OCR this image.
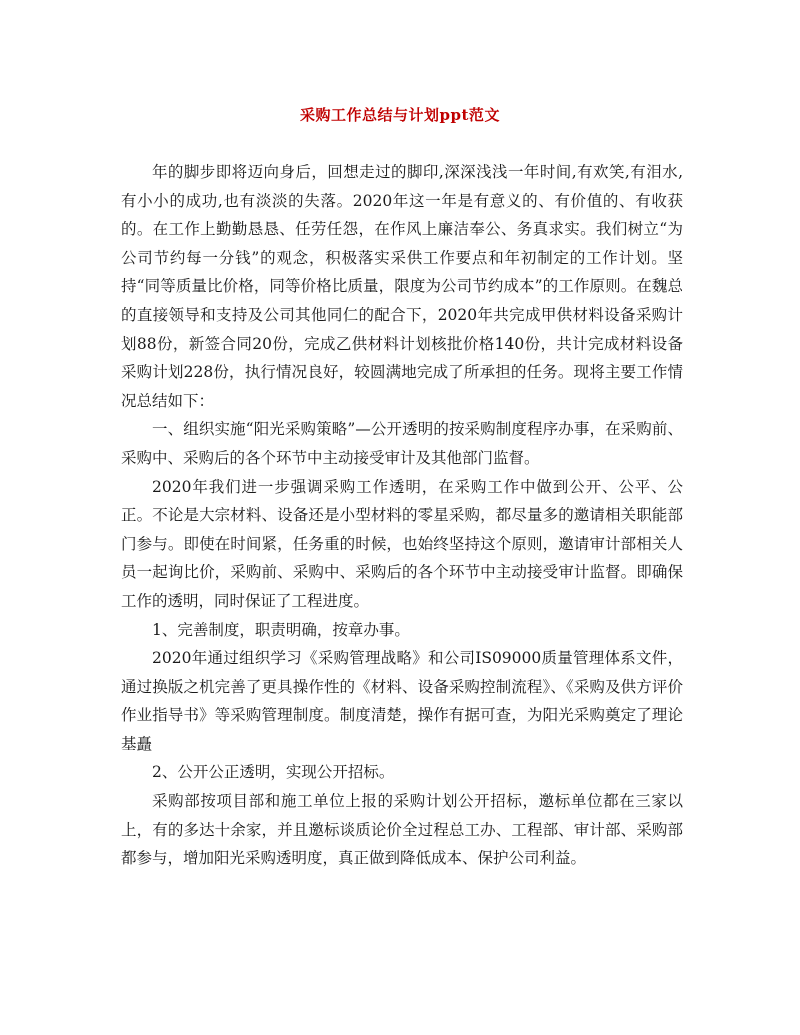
采购工作总结与计划ppt范文

年的脚步即将迈向身后，回想走过的脚印,深深浅浅一年时间,有欢笑,有泪水,有小小的成功,也有淡淡的失落。2020年这一年是有意义的、有价值的、有收获的。在工作上勤勤恳恳、任劳任怨，在作风上廉洁奉公、务真求实。我们树立“为公司节约每一分钱”的观念，积极落实采供工作要点和年初制定的工作计划。坚持“同等质量比价格，同等价格比质量，限度为公司节约成本”的工作原则。在魏总的直接领导和支持及公司其他同仁的配合下，2020年共完成甲供材料设备采购计划88份，新签合同20份，完成乙供材料计划核批价格140份，共计完成材料设备采购计划228份，执行情况良好，较圆满地完成了所承担的任务。现将主要工作情况总结如下：

一、组织实施“阳光采购策略”—公开透明的按采购制度程序办事，在采购前、采购中、采购后的各个环节中主动接受审计及其他部门监督。

2020年我们进一步强调采购工作透明，在采购工作中做到公开、公平、公正。不论是大宗材料、设备还是小型材料的零星采购，都尽量多的邀请相关职能部门参与。即使在时间紧，任务重的时候，也始终坚持这个原则，邀请审计部相关人员一起询比价，采购前、采购中、采购后的各个环节中主动接受审计监督。即确保工作的透明，同时保证了工程进度。

1、完善制度，职责明确，按章办事。

2020年通过组织学习《采购管理战略》和公司IS09000质量管理体系文件，通过换版之机完善了更具操作性的《材料、设备采购控制流程》、《采购及供方评价作业指导书》等采购管理制度。制度清楚，操作有据可查，为阳光采购奠定了理论基矗

2、公开公正透明，实现公开招标。

采购部按项目部和施工单位上报的采购计划公开招标，邀标单位都在三家以上，有的多达十余家，并且邀标谈质论价全过程总工办、工程部、审计部、采购部都参与，增加阳光采购透明度，真正做到降低成本、保护公司利益。
